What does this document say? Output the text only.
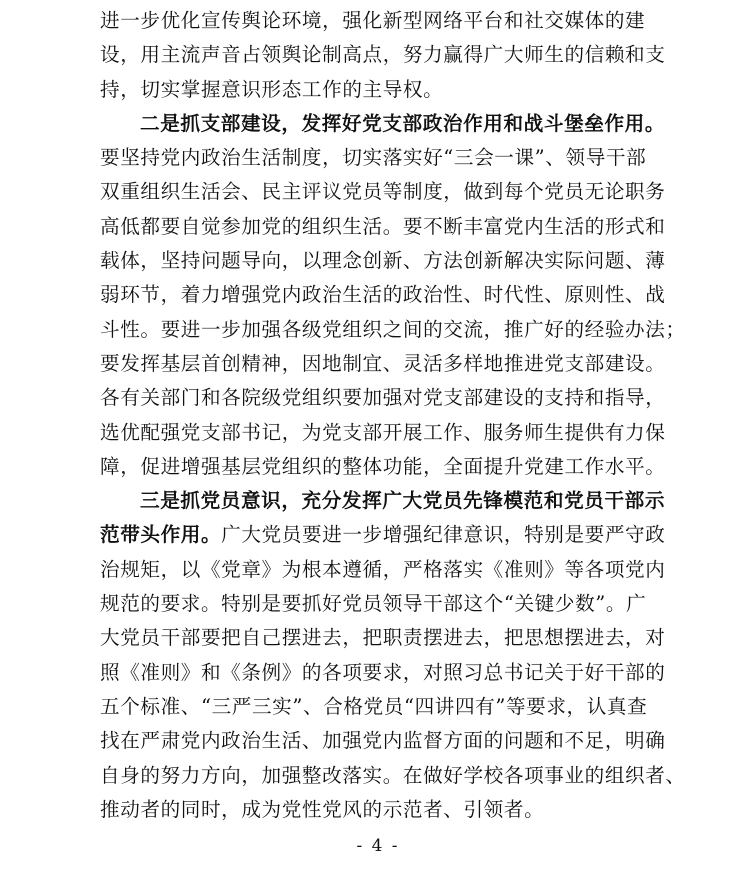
进一步优化宣传舆论环境，强化新型网络平台和社交媒体的建
设，用主流声音占领舆论制高点，努力赢得广大师生的信赖和支
持，切实掌握意识形态工作的主导权。
二是抓支部建设，发挥好党支部政治作用和战斗堡垒作用。
要坚持党内政治生活制度，切实落实好“三会一课”、领导干部
双重组织生活会、民主评议党员等制度，做到每个党员无论职务
高低都要自觉参加党的组织生活。要不断丰富党内生活的形式和
载体，坚持问题导向，以理念创新、方法创新解决实际问题、薄
弱环节，着力增强党内政治生活的政治性、时代性、原则性、战
斗性。要进一步加强各级党组织之间的交流，推广好的经验办法；
要发挥基层首创精神，因地制宜、灵活多样地推进党支部建设。
各有关部门和各院级党组织要加强对党支部建设的支持和指导，
选优配强党支部书记，为党支部开展工作、服务师生提供有力保
障，促进增强基层党组织的整体功能，全面提升党建工作水平。
三是抓党员意识，充分发挥广大党员先锋模范和党员干部示
范带头作用。广大党员要进一步增强纪律意识，特别是要严守政
治规矩，以《党章》为根本遵循，严格落实《准则》等各项党内
规范的要求。特别是要抓好党员领导干部这个“关键少数”。广
大党员干部要把自己摆进去，把职责摆进去，把思想摆进去，对
照《准则》和《条例》的各项要求，对照习总书记关于好干部的
五个标准、“三严三实”、合格党员“四讲四有”等要求，认真查
找在严肃党内政治生活、加强党内监督方面的问题和不足，明确
自身的努力方向，加强整改落实。在做好学校各项事业的组织者、
推动者的同时，成为党性党风的示范者、引领者。
- 4 -
